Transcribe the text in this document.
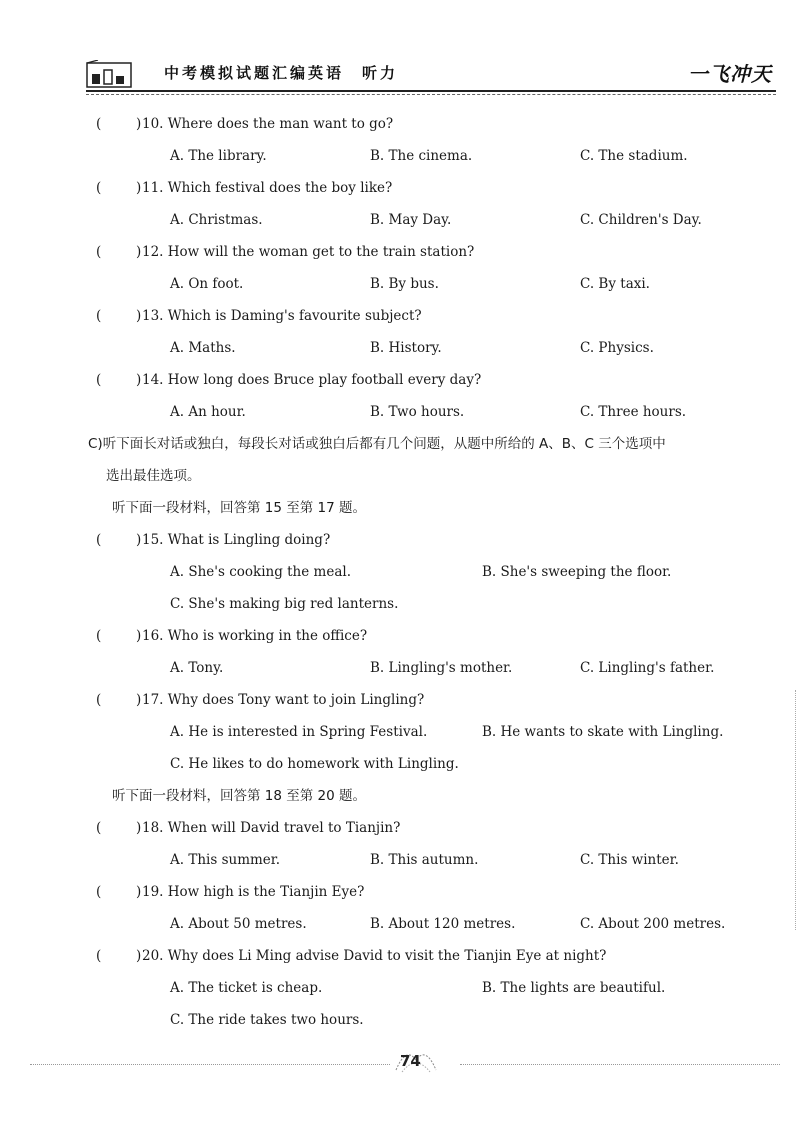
中考模拟试题汇编英语　听力	一飞冲天
(	) 10. Where does the man want to go?
A. The library.	B. The cinema.	C. The stadium.
(	) 11. Which festival does the boy like?
A. Christmas.	B. May Day.	C. Children's Day.
(	) 12. How will the woman get to the train station?
A. On foot.	B. By bus.	C. By taxi.
(	) 13. Which is Daming's favourite subject?
A. Maths.	B. History.	C. Physics.
(	) 14. How long does Bruce play football every day?
A. An hour.	B. Two hours.	C. Three hours.
C)听下面长对话或独白，每段长对话或独白后都有几个问题，从题中所给的 A、B、C 三个选项中
选出最佳选项。
听下面一段材料，回答第 15 至第 17 题。
(	) 15. What is Lingling doing?
A. She's cooking the meal.	B. She's sweeping the floor.
C. She's making big red lanterns.
(	) 16. Who is working in the office?
A. Tony.	B. Lingling's mother.	C. Lingling's father.
(	) 17. Why does Tony want to join Lingling?
A. He is interested in Spring Festival.	B. He wants to skate with Lingling.
C. He likes to do homework with Lingling.
听下面一段材料，回答第 18 至第 20 题。
(	) 18. When will David travel to Tianjin?
A. This summer.	B. This autumn.	C. This winter.
(	) 19. How high is the Tianjin Eye?
A. About 50 metres.	B. About 120 metres.	C. About 200 metres.
(	) 20. Why does Li Ming advise David to visit the Tianjin Eye at night?
A. The ticket is cheap.	B. The lights are beautiful.
C. The ride takes two hours.
74
